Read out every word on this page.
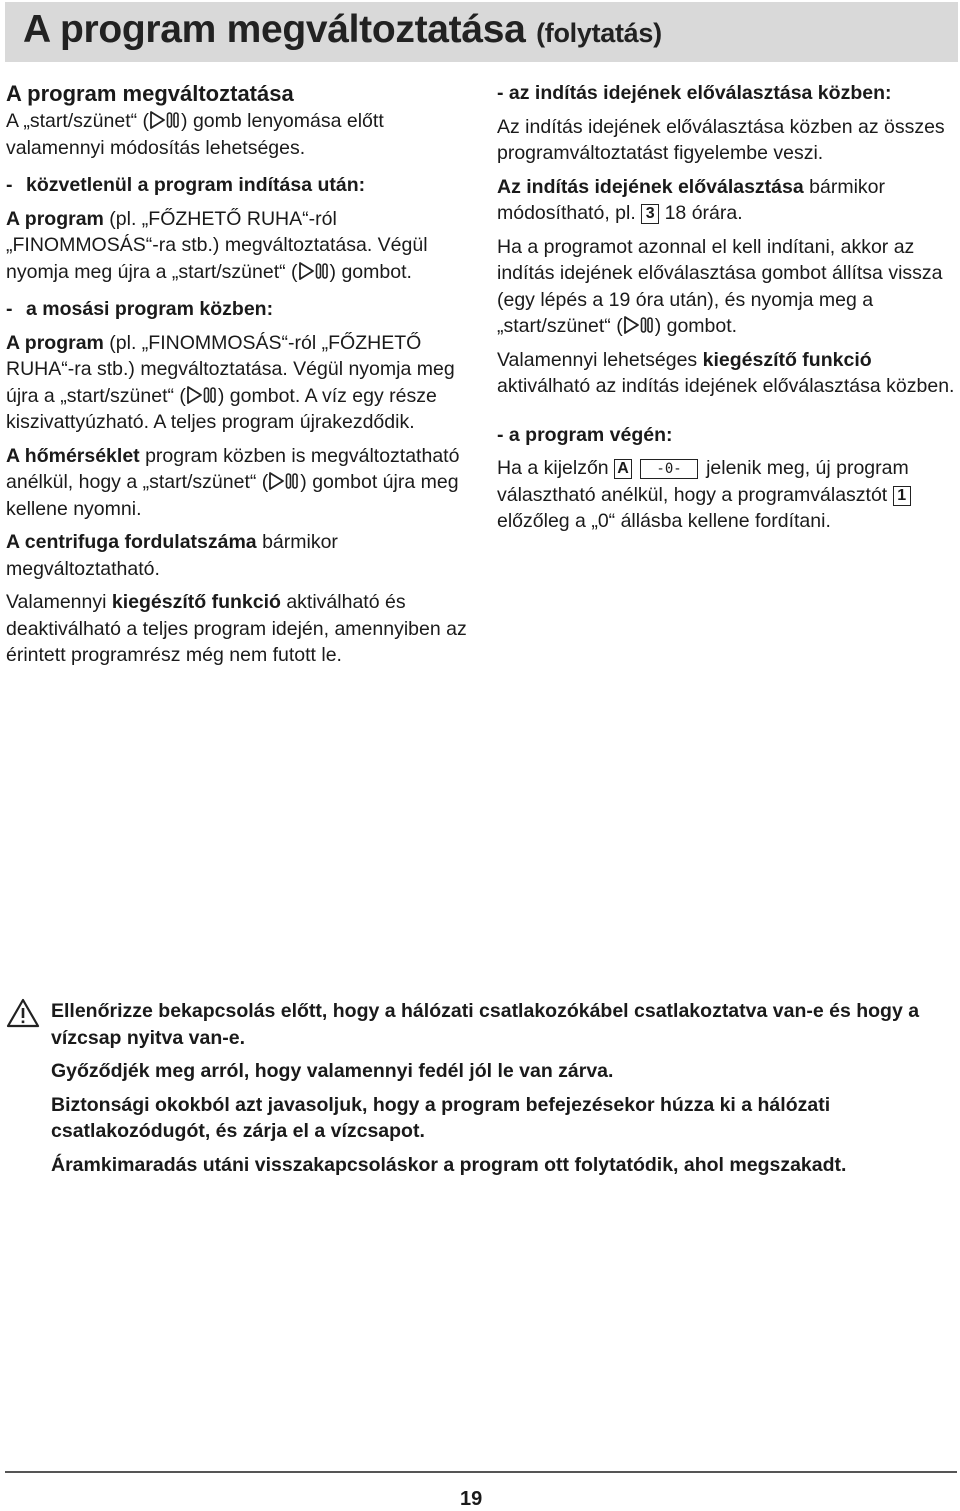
A program megváltoztatása (folytatás)

A program megváltoztatása

A „start/szünet“ ( ) gomb lenyomása előtt valamennyi módosítás lehetséges.

- közvetlenül a program indítása után:

A program (pl. „FŐZHETŐ RUHA“-ról „FINOMMOSÁS“-ra stb.) megváltoztatása. Végül nyomja meg újra a „start/szünet“ ( ) gombot.

- a mosási program közben:

A program (pl. „FINOMMOSÁS“-ról „FŐZHETŐ RUHA“-ra stb.) megváltoztatása. Végül nyomja meg újra a „start/szünet“ ( ) gombot. A víz egy része kiszivattyúzható. A teljes program újrakezdődik.

A hőmérséklet program közben is megváltoztatható anélkül, hogy a „start/szünet“ ( ) gombot újra meg kellene nyomni.

A centrifuga fordulatszáma bármikor megváltoztatható.

Valamennyi kiegészítő funkció aktiválható és deaktiválható a teljes program idején, amennyiben az érintett programrész még nem futott le.

- az indítás idejének előválasztása közben:

Az indítás idejének előválasztása közben az összes programváltoztatást figyelembe veszi.

Az indítás idejének előválasztása bármikor módosítható, pl. 3 18 órára.

Ha a programot azonnal el kell indítani, akkor az indítás idejének előválasztása gombot állítsa vissza (egy lépés a 19 óra után), és nyomja meg a „start/szünet“ ( ) gombot.

Valamennyi lehetséges kiegészítő funkció aktiválható az indítás idejének előválasztása közben.

- a program végén:

Ha a kijelzőn A -0- jelenik meg, új program választható anélkül, hogy a programválasztót 1 előzőleg a „0“ állásba kellene fordítani.

Ellenőrizze bekapcsolás előtt, hogy a hálózati csatlakozókábel csatlakoztatva van-e és hogy a vízcsap nyitva van-e.

Győződjék meg arról, hogy valamennyi fedél jól le van zárva.

Biztonsági okokból azt javasoljuk, hogy a program befejezésekor húzza ki a hálózati csatlakozódugót, és zárja el a vízcsapot.

Áramkimaradás utáni visszakapcsoláskor a program ott folytatódik, ahol megszakadt.

19
